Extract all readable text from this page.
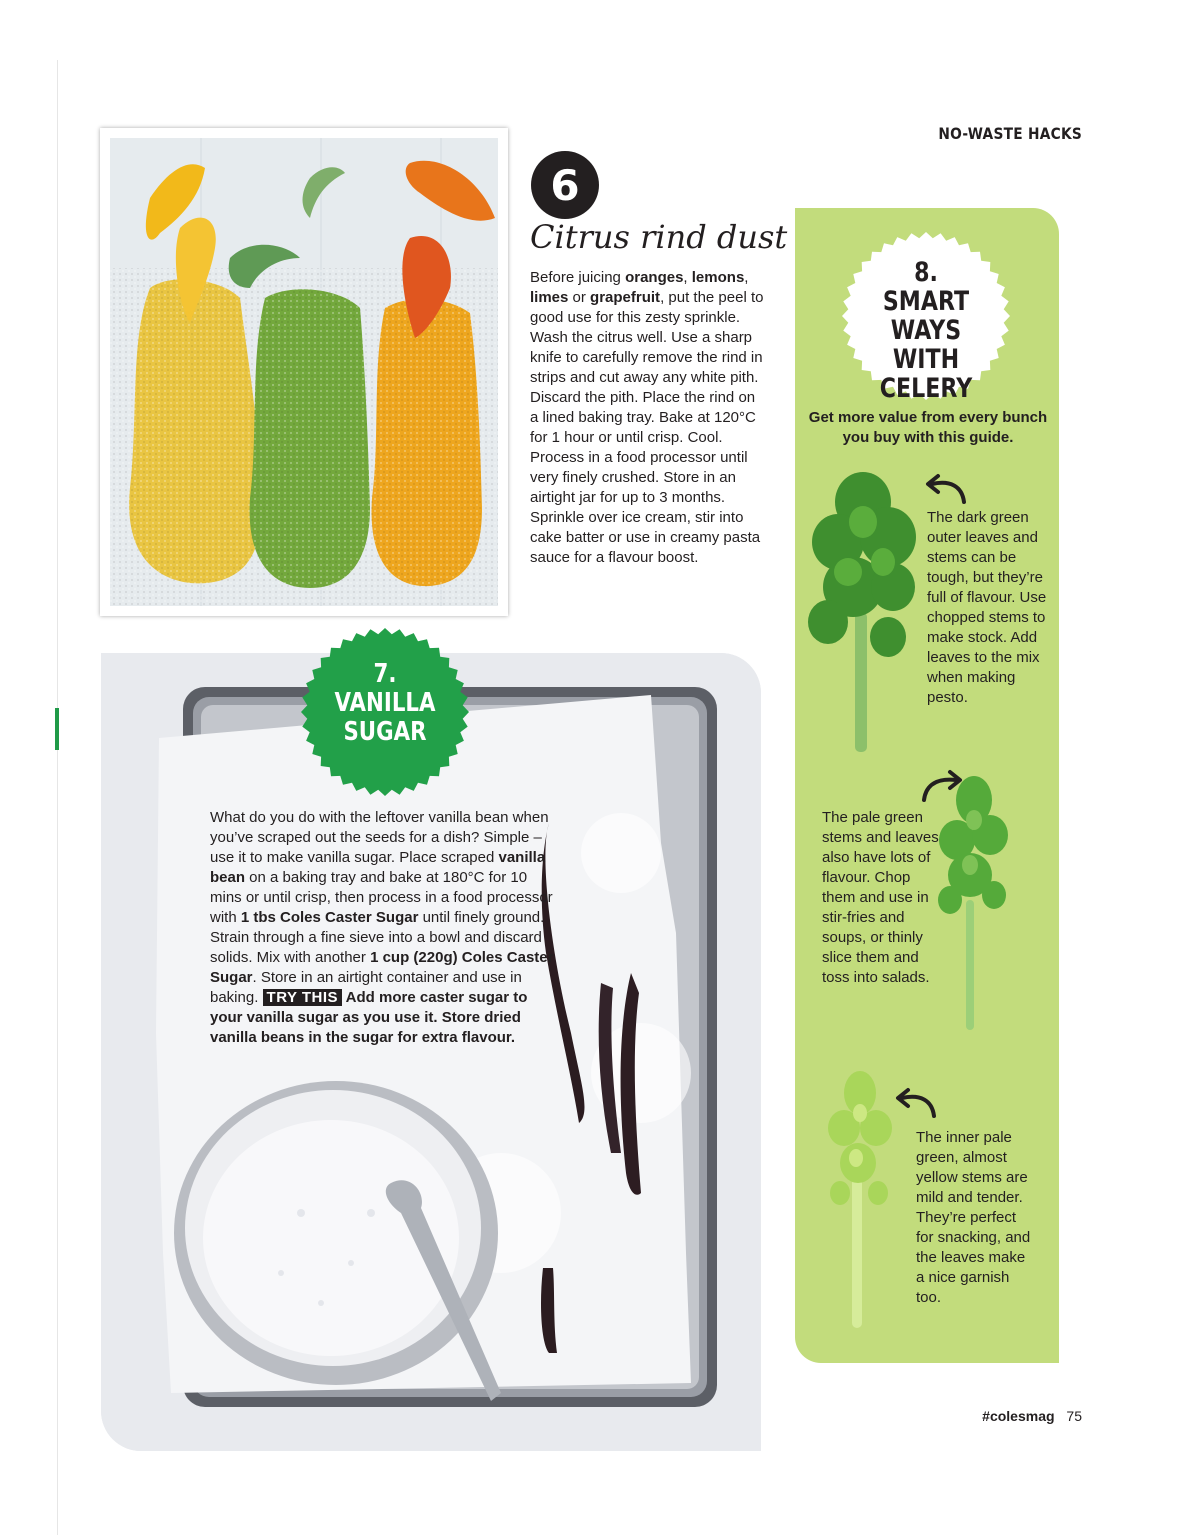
NO-WASTE HACKS
6
Citrus rind dust
Before juicing oranges, lemons, limes or grapefruit, put the peel to good use for this zesty sprinkle. Wash the citrus well. Use a sharp knife to carefully remove the rind in strips and cut away any white pith. Discard the pith. Place the rind on a lined baking tray. Bake at 120°C for 1 hour or until crisp. Cool. Process in a food processor until very finely crushed. Store in an airtight jar for up to 3 months. Sprinkle over ice cream, stir into cake batter or use in creamy pasta sauce for a flavour boost.
7.
VANILLA
SUGAR
What do you do with the leftover vanilla bean when you’ve scraped out the seeds for a dish? Simple – use it to make vanilla sugar. Place scraped vanilla bean on a baking tray and bake at 180°C for 10 mins or until crisp, then process in a food processor with 1 tbs Coles Caster Sugar until finely ground. Strain through a fine sieve into a bowl and discard solids. Mix with another 1 cup (220g) Coles Caster Sugar. Store in an airtight container and use in baking. TRY THIS Add more caster sugar to your vanilla sugar as you use it. Store dried vanilla beans in the sugar for extra flavour.
8.
SMART WAYS
WITH CELERY
Get more value from every bunch you buy with this guide.
The dark green outer leaves and stems can be tough, but they’re full of flavour. Use chopped stems to make stock. Add leaves to the mix when making pesto.
The pale green stems and leaves also have lots of flavour. Chop them and use in stir-fries and soups, or thinly slice them and toss into salads.
The inner pale green, almost yellow stems are mild and tender. They’re perfect for snacking, and the leaves make a nice garnish too.
#colesmag 75
